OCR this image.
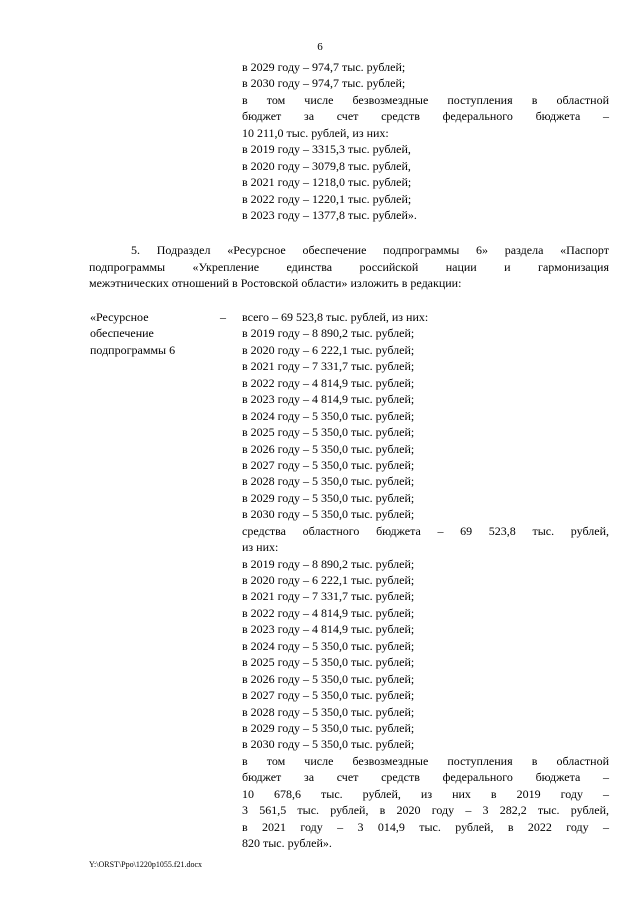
6
в 2029 году – 974,7 тыс. рублей;
в 2030 году – 974,7 тыс. рублей;
в том числе безвозмездные поступления в областной
бюджет за счет средств федерального бюджета –
10 211,0 тыс. рублей, из них:
в 2019 году – 3315,3 тыс. рублей,
в 2020 году – 3079,8 тыс. рублей,
в 2021 году – 1218,0 тыс. рублей;
в 2022 году – 1220,1 тыс. рублей;
в 2023 году – 1377,8 тыс. рублей».
5. Подраздел «Ресурсное обеспечение подпрограммы 6» раздела «Паспорт
подпрограммы «Укрепление единства российской нации и гармонизация
межэтнических отношений в Ростовской области» изложить в редакции:
«Ресурсное
обеспечение
подпрограммы 6
– всего – 69 523,8 тыс. рублей, из них:
в 2019 году – 8 890,2 тыс. рублей;
в 2020 году – 6 222,1 тыс. рублей;
в 2021 году – 7 331,7 тыс. рублей;
в 2022 году – 4 814,9 тыс. рублей;
в 2023 году – 4 814,9 тыс. рублей;
в 2024 году – 5 350,0 тыс. рублей;
в 2025 году – 5 350,0 тыс. рублей;
в 2026 году – 5 350,0 тыс. рублей;
в 2027 году – 5 350,0 тыс. рублей;
в 2028 году – 5 350,0 тыс. рублей;
в 2029 году – 5 350,0 тыс. рублей;
в 2030 году – 5 350,0 тыс. рублей;
средства областного бюджета – 69 523,8 тыс. рублей,
из них:
в 2019 году – 8 890,2 тыс. рублей;
в 2020 году – 6 222,1 тыс. рублей;
в 2021 году – 7 331,7 тыс. рублей;
в 2022 году – 4 814,9 тыс. рублей;
в 2023 году – 4 814,9 тыс. рублей;
в 2024 году – 5 350,0 тыс. рублей;
в 2025 году – 5 350,0 тыс. рублей;
в 2026 году – 5 350,0 тыс. рублей;
в 2027 году – 5 350,0 тыс. рублей;
в 2028 году – 5 350,0 тыс. рублей;
в 2029 году – 5 350,0 тыс. рублей;
в 2030 году – 5 350,0 тыс. рублей;
в том числе безвозмездные поступления в областной
бюджет за счет средств федерального бюджета –
10 678,6 тыс. рублей, из них в 2019 году –
3 561,5 тыс. рублей, в 2020 году – 3 282,2 тыс. рублей,
в 2021 году – 3 014,9 тыс. рублей, в 2022 году –
820 тыс. рублей».
Y:\ORST\Ppo\1220p1055.f21.docx
